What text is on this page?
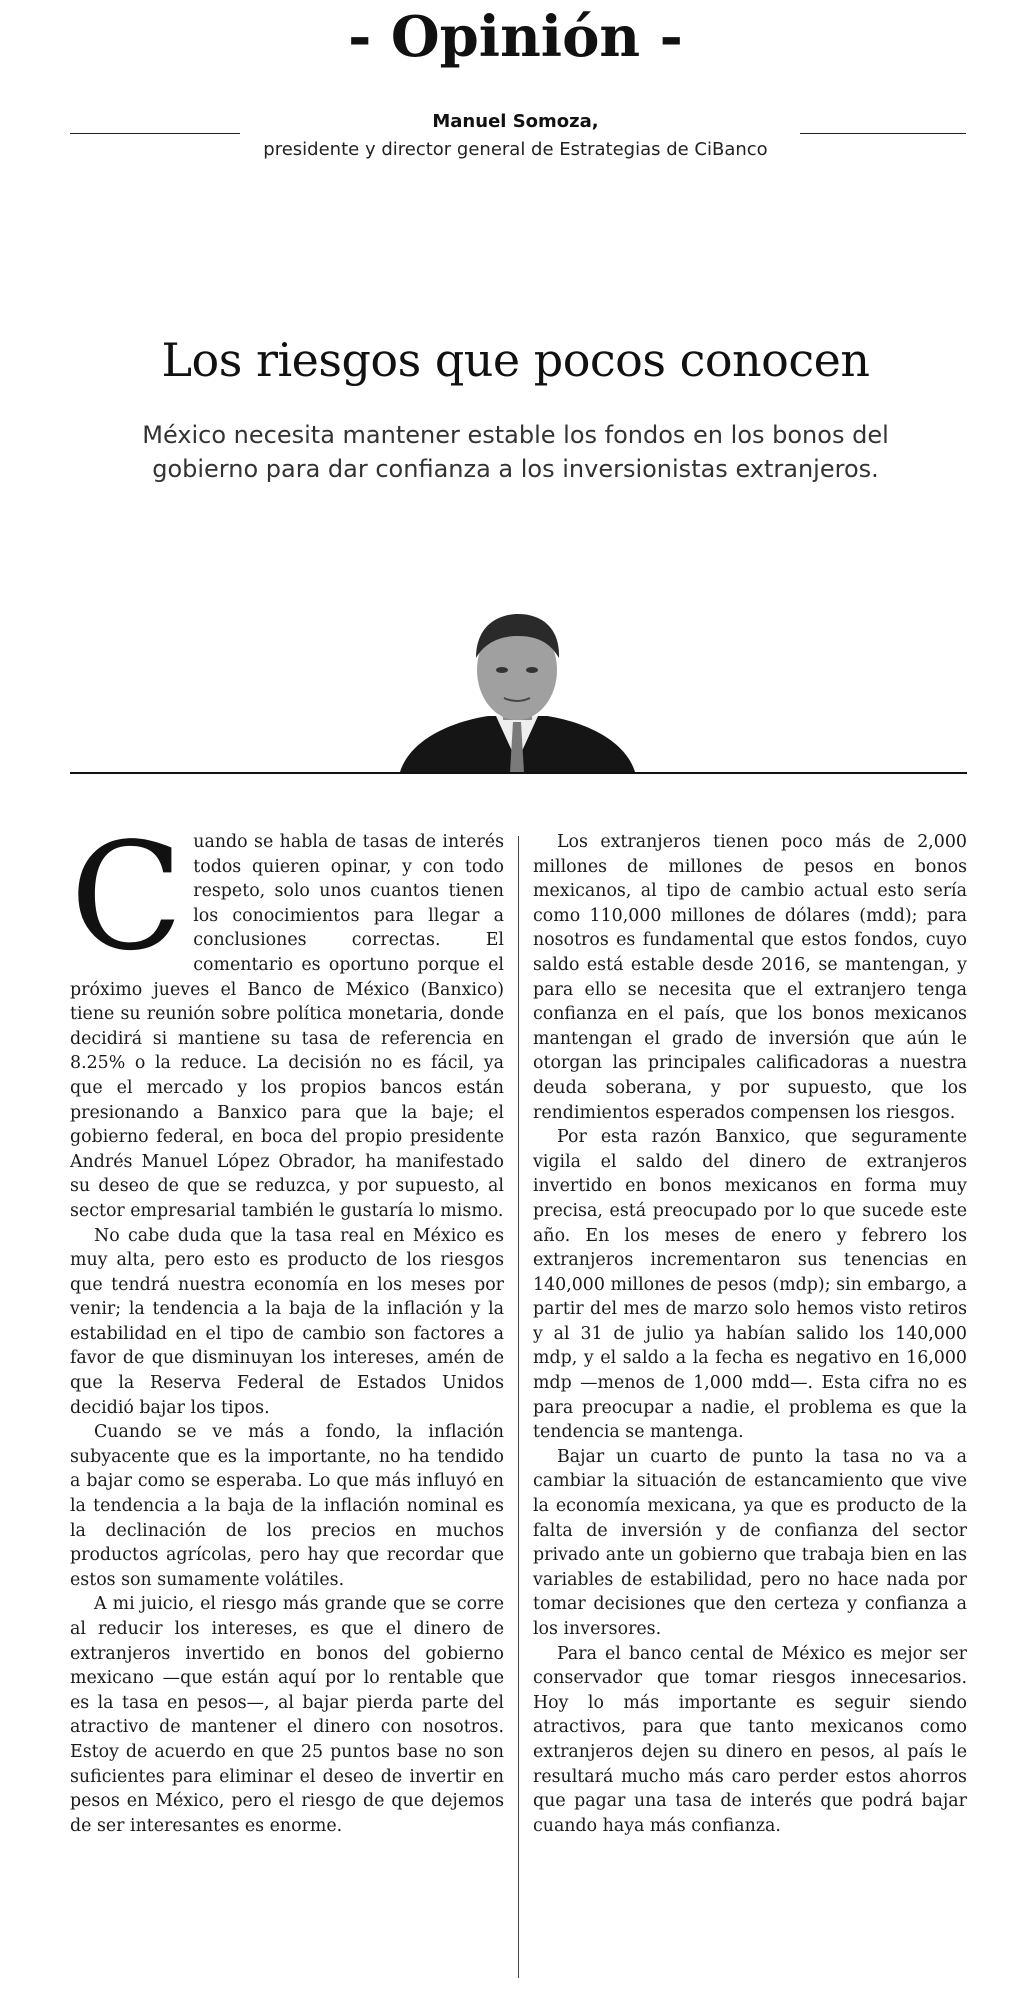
- Opinión -
Manuel Somoza,
presidente y director general de Estrategias de CiBanco
Los riesgos que pocos conocen
México necesita mantener estable los fondos en los bonos del gobierno para dar confianza a los inversionistas extranjeros.

Cuando se habla de tasas de interés todos quieren opinar, y con todo respeto, solo unos cuantos tienen los conocimientos para llegar a conclusiones correctas. El comentario es oportuno porque el próximo jueves el Banco de México (Banxico) tiene su reunión sobre política monetaria, donde decidirá si mantiene su tasa de referencia en 8.25% o la reduce. La decisión no es fácil, ya que el mercado y los propios bancos están presionando a Banxico para que la baje; el gobierno federal, en boca del propio presidente Andrés Manuel López Obrador, ha manifestado su deseo de que se reduzca, y por supuesto, al sector empresarial también le gustaría lo mismo.

No cabe duda que la tasa real en México es muy alta, pero esto es producto de los riesgos que tendrá nuestra economía en los meses por venir; la tendencia a la baja de la inflación y la estabilidad en el tipo de cambio son factores a favor de que disminuyan los intereses, amén de que la Reserva Federal de Estados Unidos decidió bajar los tipos.

Cuando se ve más a fondo, la inflación subyacente que es la importante, no ha tendido a bajar como se esperaba. Lo que más influyó en la tendencia a la baja de la inflación nominal es la declinación de los precios en muchos productos agrícolas, pero hay que recordar que estos son sumamente volátiles.

A mi juicio, el riesgo más grande que se corre al reducir los intereses, es que el dinero de extranjeros invertido en bonos del gobierno mexicano —que están aquí por lo rentable que es la tasa en pesos—, al bajar pierda parte del atractivo de mantener el dinero con nosotros. Estoy de acuerdo en que 25 puntos base no son suficientes para eliminar el deseo de invertir en pesos en México, pero el riesgo de que dejemos de ser interesantes es enorme.

Los extranjeros tienen poco más de 2,000 millones de millones de pesos en bonos mexicanos, al tipo de cambio actual esto sería como 110,000 millones de dólares (mdd); para nosotros es fundamental que estos fondos, cuyo saldo está estable desde 2016, se mantengan, y para ello se necesita que el extranjero tenga confianza en el país, que los bonos mexicanos mantengan el grado de inversión que aún le otorgan las principales calificadoras a nuestra deuda soberana, y por supuesto, que los rendimientos esperados compensen los riesgos.

Por esta razón Banxico, que seguramente vigila el saldo del dinero de extranjeros invertido en bonos mexicanos en forma muy precisa, está preocupado por lo que sucede este año. En los meses de enero y febrero los extranjeros incrementaron sus tenencias en 140,000 millones de pesos (mdp); sin embargo, a partir del mes de marzo solo hemos visto retiros y al 31 de julio ya habían salido los 140,000 mdp, y el saldo a la fecha es negativo en 16,000 mdp —menos de 1,000 mdd—. Esta cifra no es para preocupar a nadie, el problema es que la tendencia se mantenga.

Bajar un cuarto de punto la tasa no va a cambiar la situación de estancamiento que vive la economía mexicana, ya que es producto de la falta de inversión y de confianza del sector privado ante un gobierno que trabaja bien en las variables de estabilidad, pero no hace nada por tomar decisiones que den certeza y confianza a los inversores.

Para el banco cental de México es mejor ser conservador que tomar riesgos innecesarios. Hoy lo más importante es seguir siendo atractivos, para que tanto mexicanos como extranjeros dejen su dinero en pesos, al país le resultará mucho más caro perder estos ahorros que pagar una tasa de interés que podrá bajar cuando haya más confianza.
